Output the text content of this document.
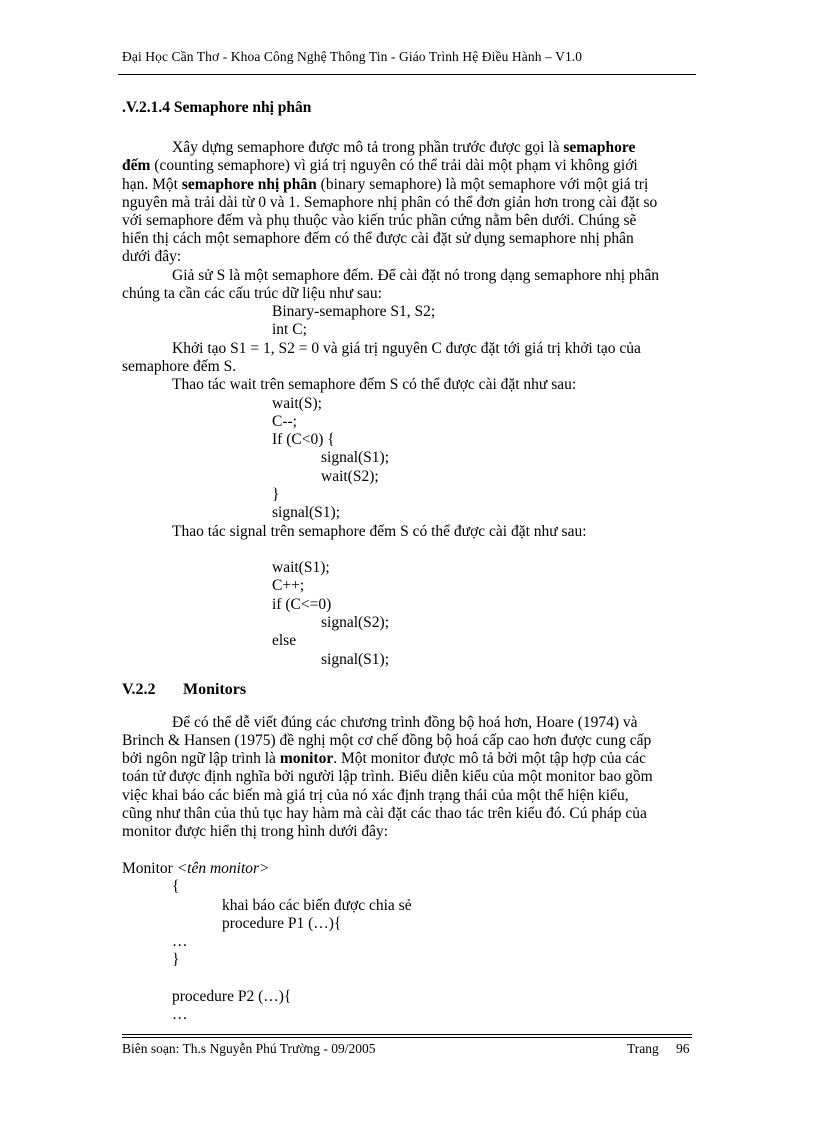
Đại Học Cần Thơ - Khoa Công Nghệ Thông Tin - Giáo Trình Hệ Điều Hành – V1.0
.V.2.1.4 Semaphore nhị phân
Xây dựng semaphore được mô tả trong phần trước được gọi là semaphore
đếm (counting semaphore) vì giá trị nguyên có thể trải dài một phạm vi không giới
hạn. Một semaphore nhị phân (binary semaphore) là một semaphore với một giá trị
nguyên mà trải dài từ 0 và 1. Semaphore nhị phân có thể đơn giản hơn trong cài đặt so
với semaphore đếm và phụ thuộc vào kiến trúc phần cứng nằm bên dưới. Chúng sẽ
hiển thị cách một semaphore đếm có thể được cài đặt sử dụng semaphore nhị phân
dưới đây:
Giả sử S là một semaphore đếm. Để cài đặt nó trong dạng semaphore nhị phân
chúng ta cần các cấu trúc dữ liệu như sau:
Binary-semaphore S1, S2;
int C;
Khởi tạo S1 = 1, S2 = 0 và giá trị nguyên C được đặt tới giá trị khởi tạo của
semaphore đếm S.
Thao tác wait trên semaphore đếm S có thể được cài đặt như sau:
wait(S);
C--;
If (C<0) {
signal(S1);
wait(S2);
}
signal(S1);
Thao tác signal trên semaphore đếm S có thể được cài đặt như sau:
wait(S1);
C++;
if (C<=0)
signal(S2);
else
signal(S1);
V.2.2 Monitors
Để có thể dễ viết đúng các chương trình đồng bộ hoá hơn, Hoare (1974) và
Brinch & Hansen (1975) đề nghị một cơ chế đồng bộ hoá cấp cao hơn được cung cấp
bởi ngôn ngữ lập trình là monitor. Một monitor được mô tả bởi một tập hợp của các
toán tử được định nghĩa bởi người lập trình. Biểu diễn kiểu của một monitor bao gồm
việc khai báo các biến mà giá trị của nó xác định trạng thái của một thể hiện kiểu,
cũng như thân của thủ tục hay hàm mà cài đặt các thao tác trên kiểu đó. Cú pháp của
monitor được hiển thị trong hình dưới đây:
Monitor <tên monitor>
{
khai báo các biến được chia sẻ
procedure P1 (…){
…
}
procedure P2 (…){
…
Biên soạn: Th.s Nguyễn Phú Trường - 09/2005	Trang 96
